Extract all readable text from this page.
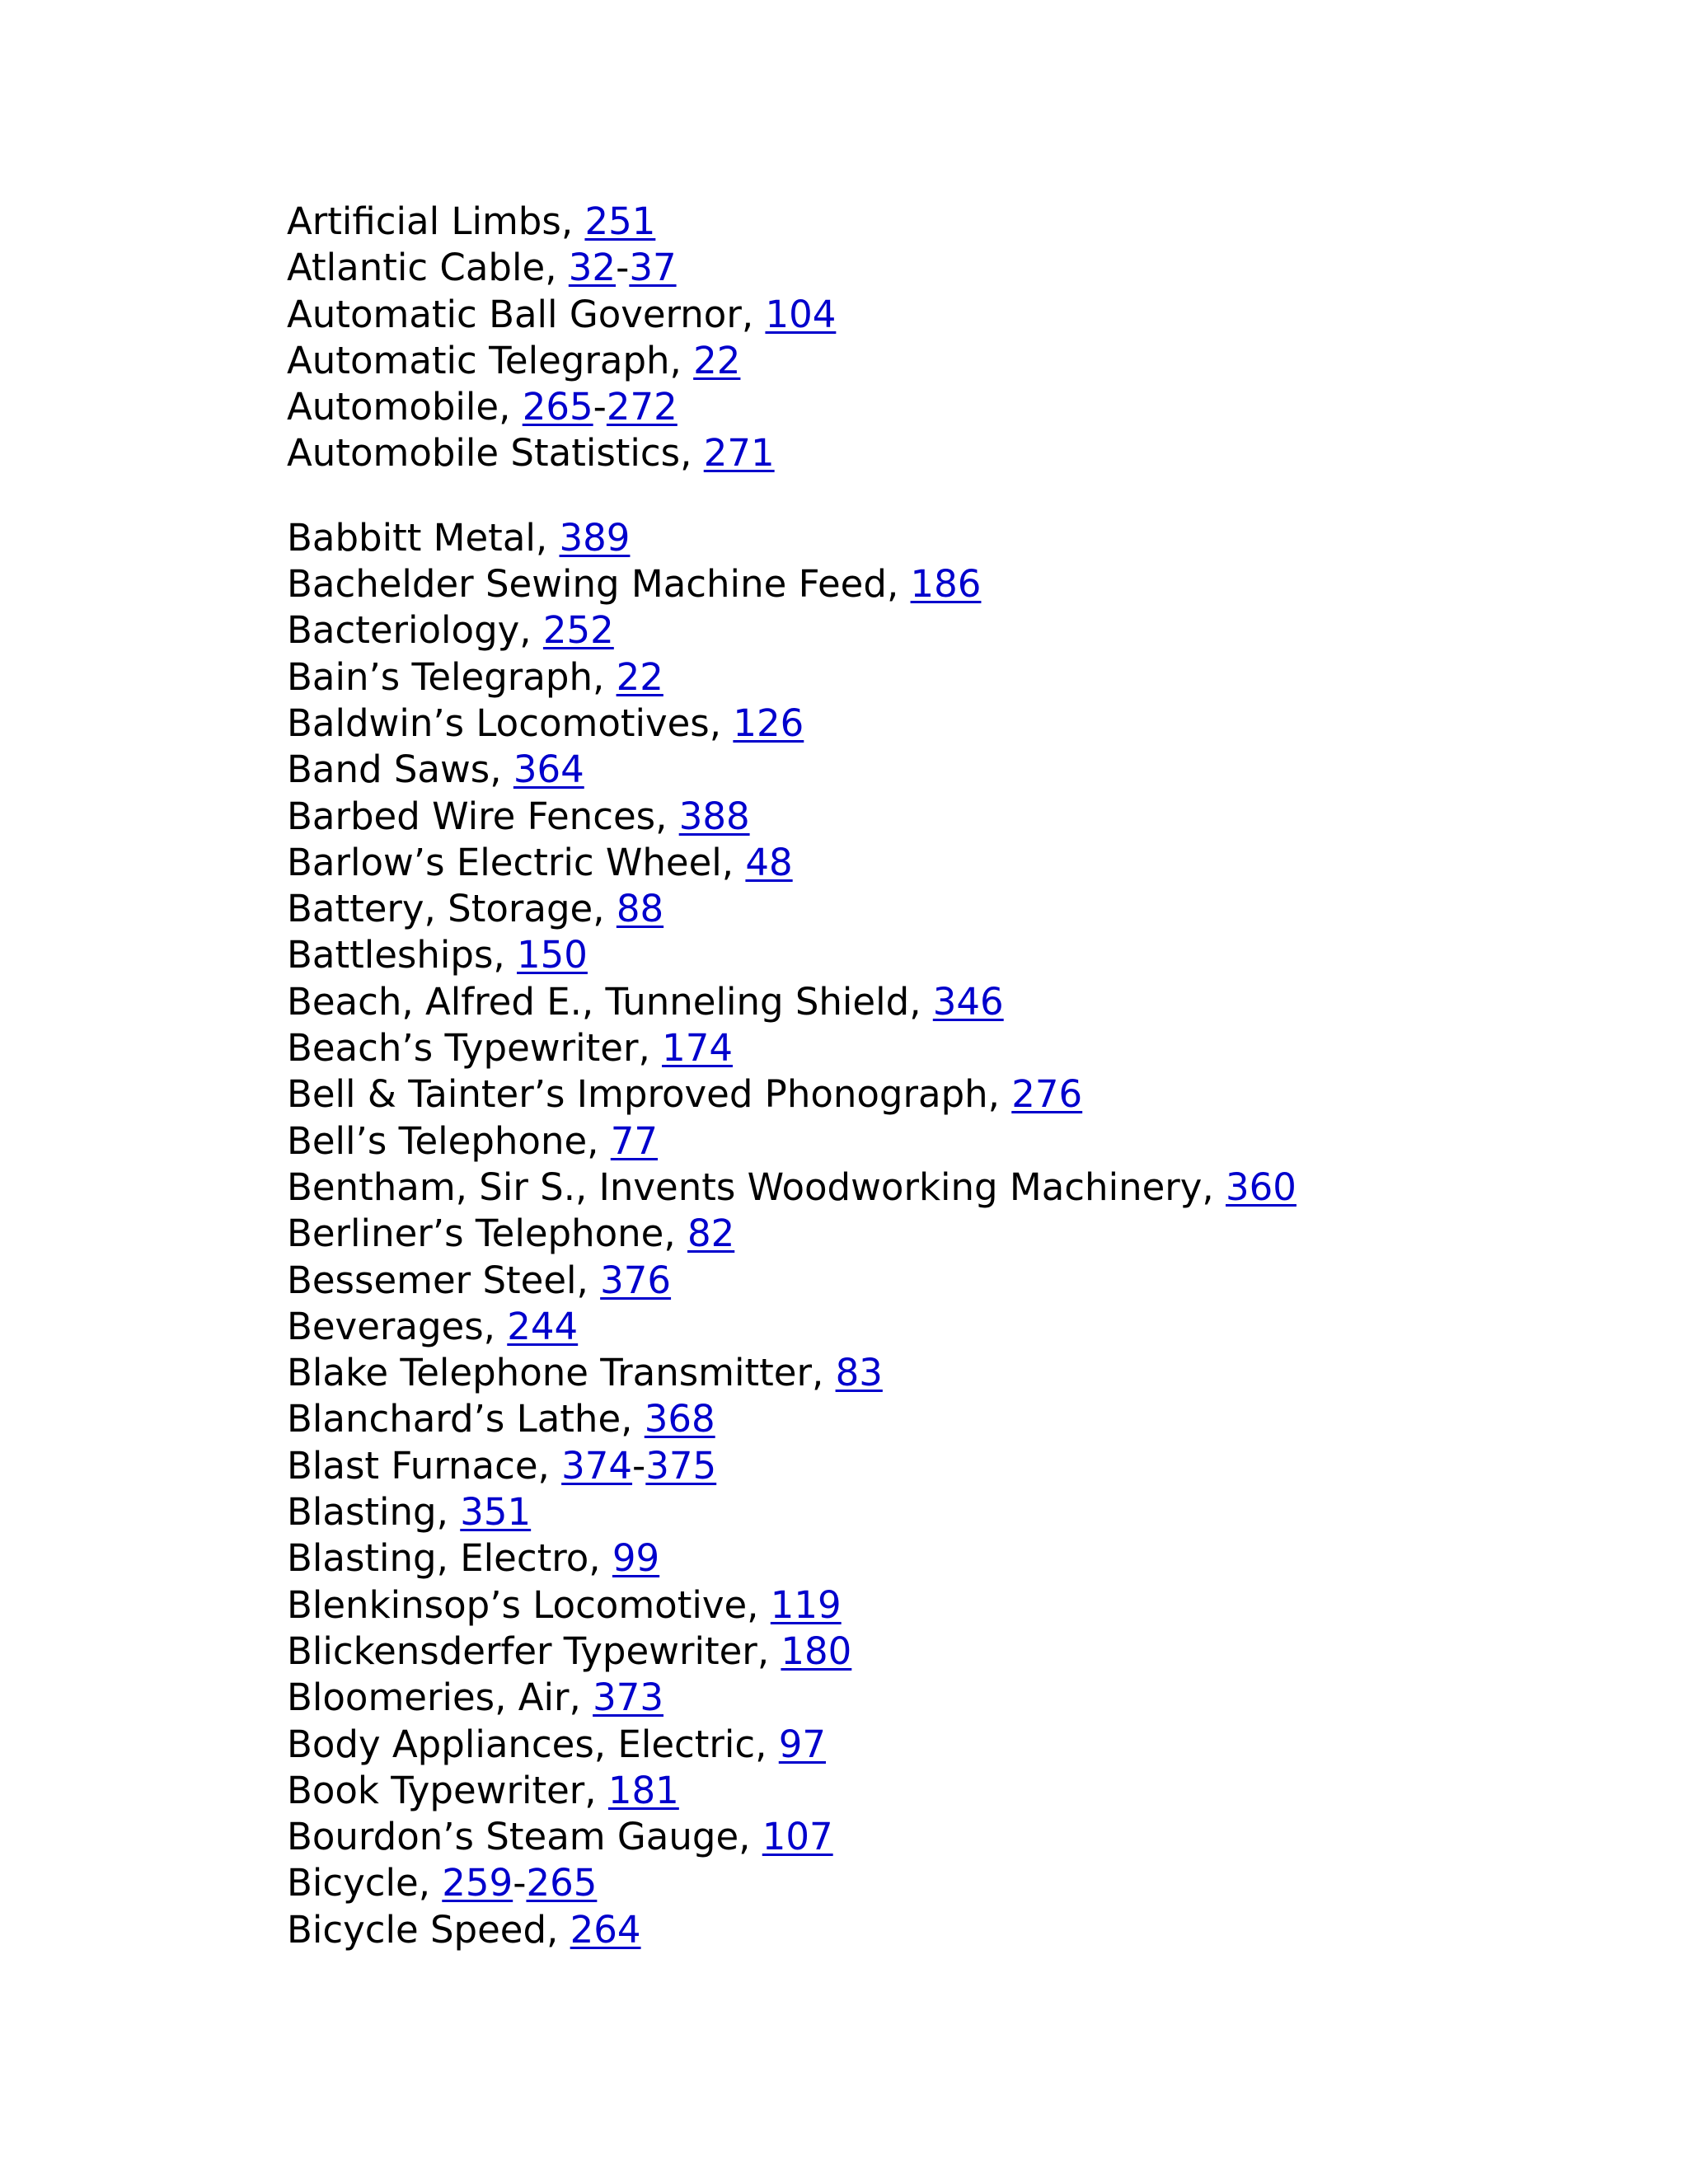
Artificial Limbs, 251
Atlantic Cable, 32-37
Automatic Ball Governor, 104
Automatic Telegraph, 22
Automobile, 265-272
Automobile Statistics, 271
Babbitt Metal, 389
Bachelder Sewing Machine Feed, 186
Bacteriology, 252
Bain’s Telegraph, 22
Baldwin’s Locomotives, 126
Band Saws, 364
Barbed Wire Fences, 388
Barlow’s Electric Wheel, 48
Battery, Storage, 88
Battleships, 150
Beach, Alfred E., Tunneling Shield, 346
Beach’s Typewriter, 174
Bell & Tainter’s Improved Phonograph, 276
Bell’s Telephone, 77
Bentham, Sir S., Invents Woodworking Machinery, 360
Berliner’s Telephone, 82
Bessemer Steel, 376
Beverages, 244
Blake Telephone Transmitter, 83
Blanchard’s Lathe, 368
Blast Furnace, 374-375
Blasting, 351
Blasting, Electro, 99
Blenkinsop’s Locomotive, 119
Blickensderfer Typewriter, 180
Bloomeries, Air, 373
Body Appliances, Electric, 97
Book Typewriter, 181
Bourdon’s Steam Gauge, 107
Bicycle, 259-265
Bicycle Speed, 264
